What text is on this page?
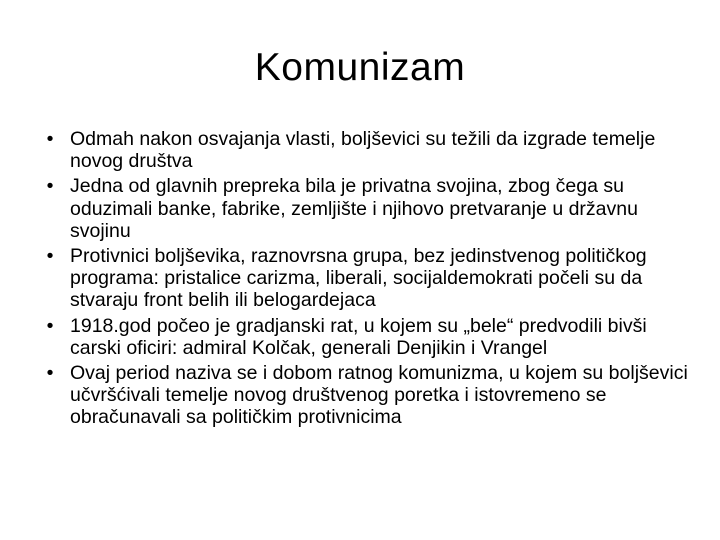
Komunizam
• Odmah nakon osvajanja vlasti, boljševici su težili da izgrade temelje novog društva
• Jedna od glavnih prepreka bila je privatna svojina, zbog čega su oduzimali banke, fabrike, zemljište i njihovo pretvaranje u državnu svojinu
• Protivnici boljševika, raznovrsna grupa, bez jedinstvenog političkog programa: pristalice carizma, liberali, socijaldemokrati počeli su da stvaraju front belih ili belogardejaca
• 1918.god počeo je gradjanski rat, u kojem su „bele“ predvodili bivši carski oficiri: admiral Kolčak, generali Denjikin i Vrangel
• Ovaj period naziva se i dobom ratnog komunizma, u kojem su boljševici učvršćivali temelje novog društvenog poretka i istovremeno se obračunavali sa političkim protivnicima
